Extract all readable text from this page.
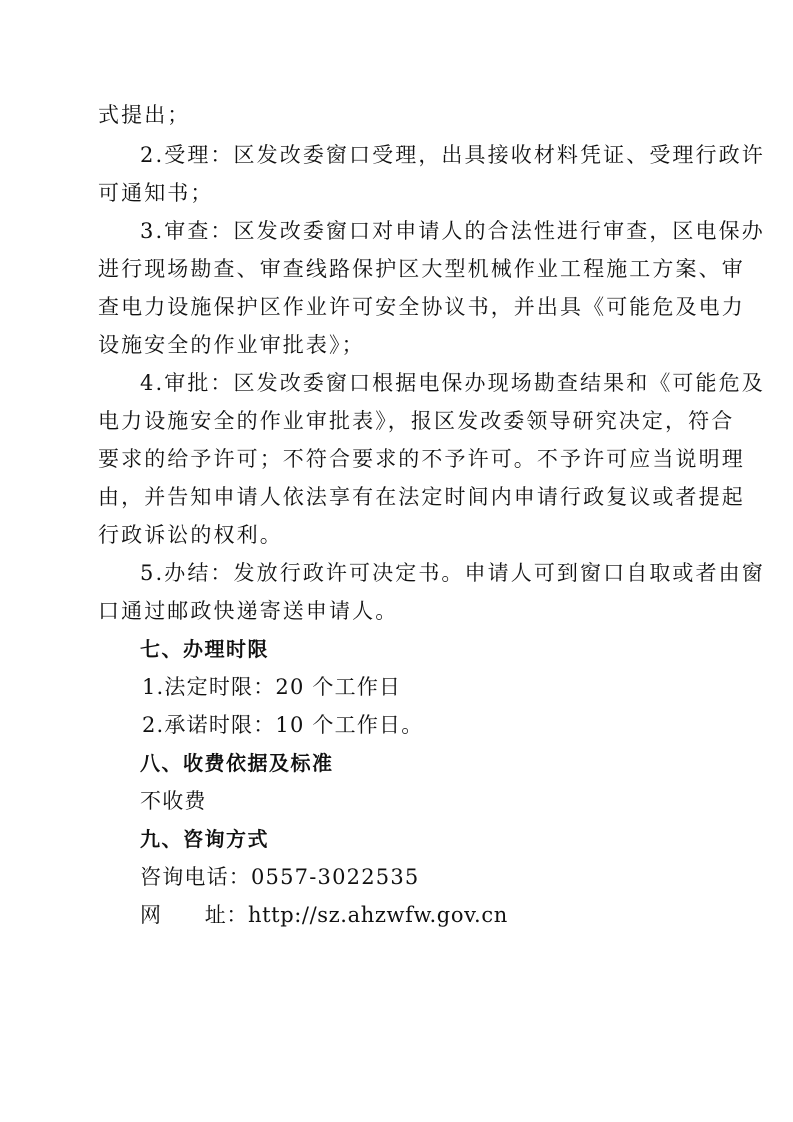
式提出；
2.受理：区发改委窗口受理，出具接收材料凭证、受理行政许
可通知书；
3.审查：区发改委窗口对申请人的合法性进行审查，区电保办
进行现场勘查、审查线路保护区大型机械作业工程施工方案、审
查电力设施保护区作业许可安全协议书，并出具《可能危及电力
设施安全的作业审批表》；
4.审批：区发改委窗口根据电保办现场勘查结果和《可能危及
电力设施安全的作业审批表》，报区发改委领导研究决定，符合
要求的给予许可；不符合要求的不予许可。不予许可应当说明理
由，并告知申请人依法享有在法定时间内申请行政复议或者提起
行政诉讼的权利。
5.办结：发放行政许可决定书。申请人可到窗口自取或者由窗
口通过邮政快递寄送申请人。
七、办理时限
1.法定时限：20 个工作日
2.承诺时限：10 个工作日。
八、收费依据及标准
不收费
九、咨询方式
咨询电话：0557-3022535
网　　址：http://sz.ahzwfw.gov.cn
